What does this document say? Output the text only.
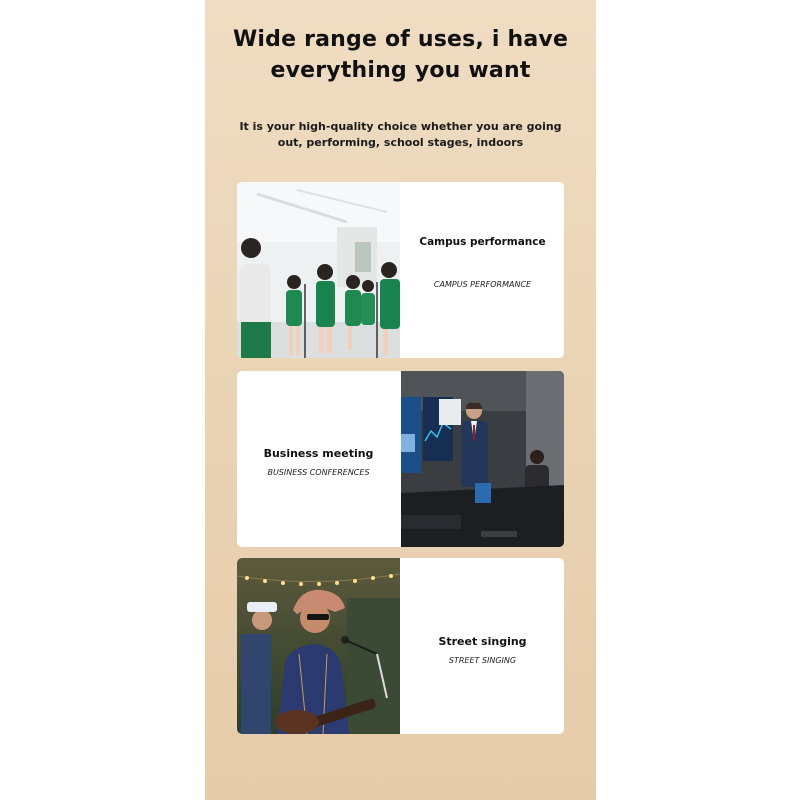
Wide range of uses, i have
everything you want
It is your high-quality choice whether you are going
out, performing, school stages, indoors
Campus performance
CAMPUS PERFORMANCE
Business meeting
BUSINESS CONFERENCES
Street singing
STREET SINGING
